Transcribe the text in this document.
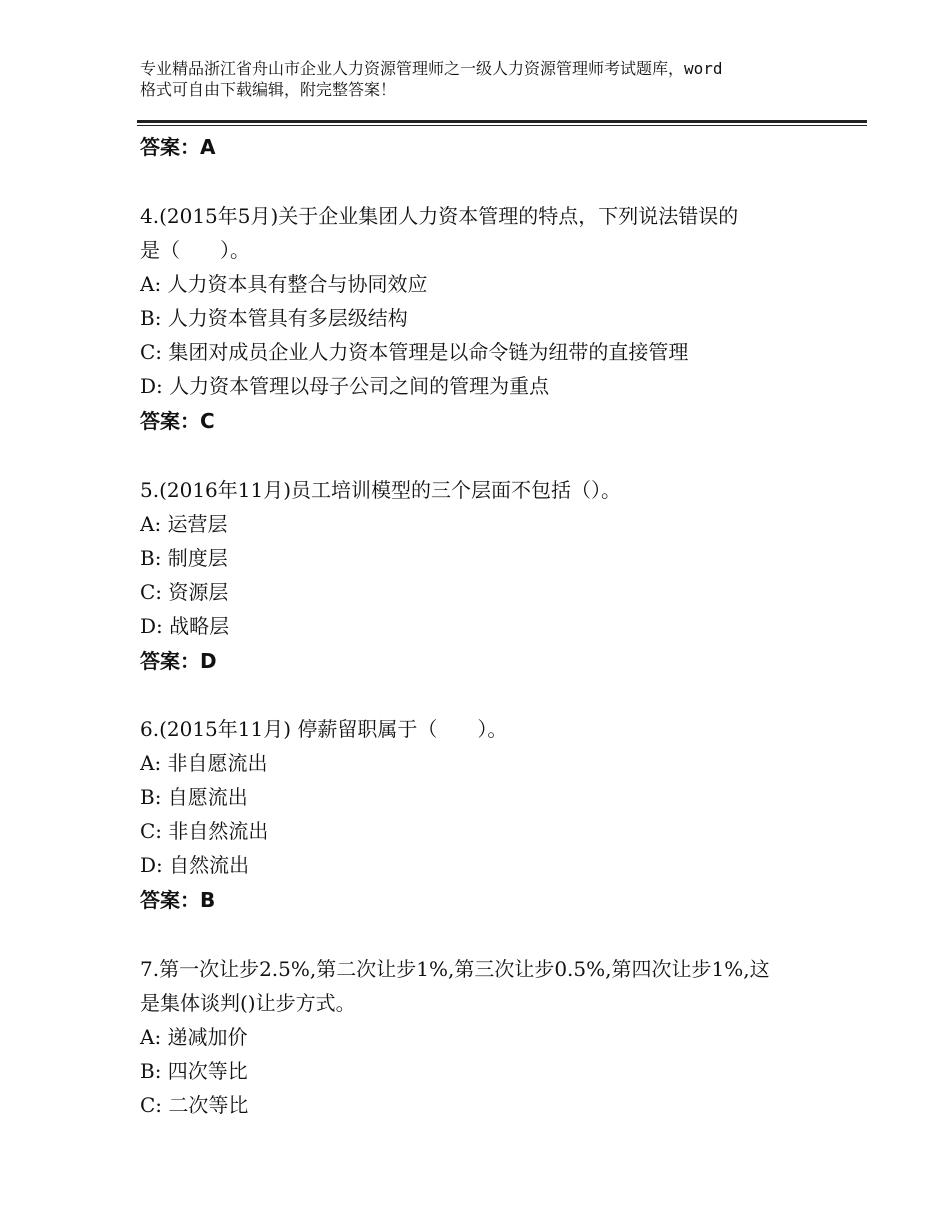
专业精品浙江省舟山市企业人力资源管理师之一级人力资源管理师考试题库，word
格式可自由下载编辑，附完整答案！
答案：A
4.(2015年5月)关于企业集团人力资本管理的特点，下列说法错误的
是（　　）。
A: 人力资本具有整合与协同效应
B: 人力资本管具有多层级结构
C: 集团对成员企业人力资本管理是以命令链为纽带的直接管理
D: 人力资本管理以母子公司之间的管理为重点
答案：C
5.(2016年11月)员工培训模型的三个层面不包括（）。
A: 运营层
B: 制度层
C: 资源层
D: 战略层
答案：D
6.(2015年11月) 停薪留职属于（　　）。
A: 非自愿流出
B: 自愿流出
C: 非自然流出
D: 自然流出
答案：B
7.第一次让步2.5%,第二次让步1%,第三次让步0.5%,第四次让步1%,这
是集体谈判()让步方式。
A: 递减加价
B: 四次等比
C: 二次等比
